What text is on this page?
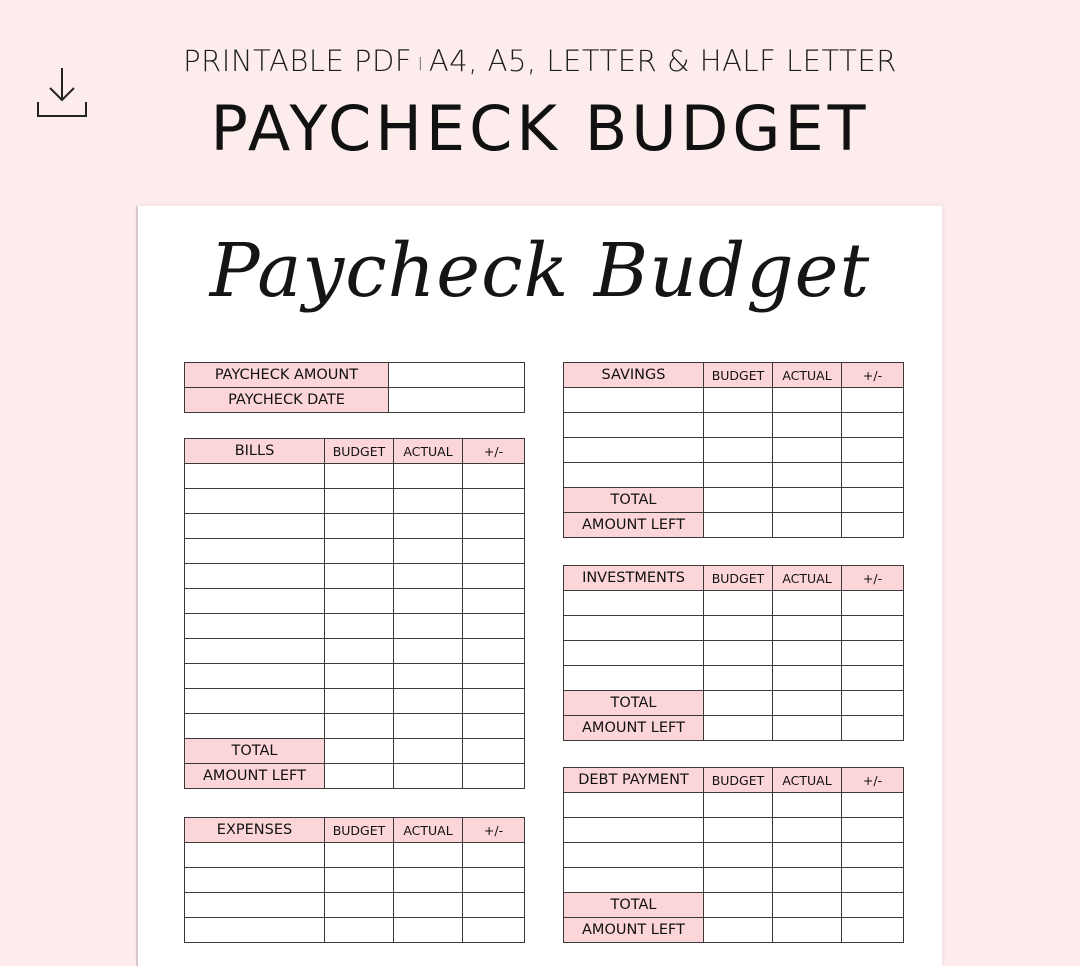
PRINTABLE PDF | A4, A5, LETTER & HALF LETTER
PAYCHECK BUDGET
Paycheck Budget
PAYCHECK AMOUNT	
PAYCHECK DATE	
BILLS	BUDGET	ACTUAL	+/-

TOTAL			
AMOUNT LEFT			
EXPENSES	BUDGET	ACTUAL	+/-

SAVINGS	BUDGET	ACTUAL	+/-

TOTAL			
AMOUNT LEFT			
INVESTMENTS	BUDGET	ACTUAL	+/-

TOTAL			
AMOUNT LEFT			
DEBT PAYMENT	BUDGET	ACTUAL	+/-

TOTAL			
AMOUNT LEFT			
